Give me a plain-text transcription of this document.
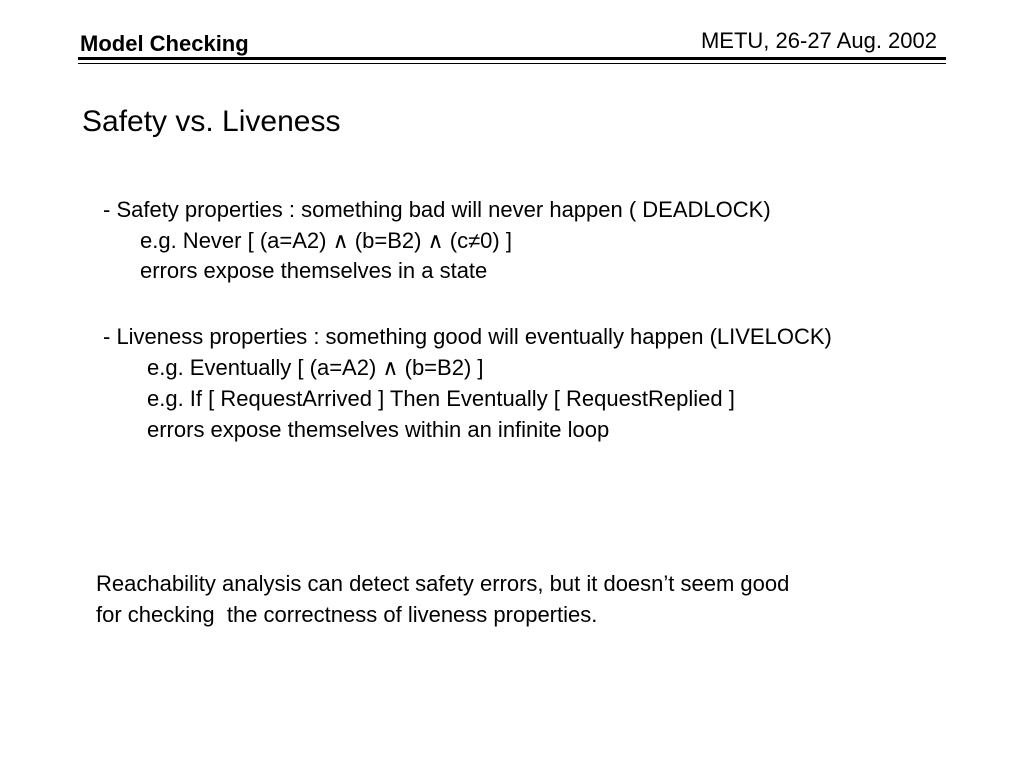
Model Checking	METU, 26-27 Aug. 2002
Safety vs. Liveness
- Safety properties : something bad will never happen ( DEADLOCK)
e.g. Never [ (a=A2) ∧ (b=B2) ∧ (c≠0) ]
errors expose themselves in a state
- Liveness properties : something good will eventually happen (LIVELOCK)
e.g. Eventually [ (a=A2) ∧ (b=B2) ]
e.g. If [ RequestArrived ] Then Eventually [ RequestReplied ]
errors expose themselves within an infinite loop
Reachability analysis can detect safety errors, but it doesn’t seem good
for checking  the correctness of liveness properties.
